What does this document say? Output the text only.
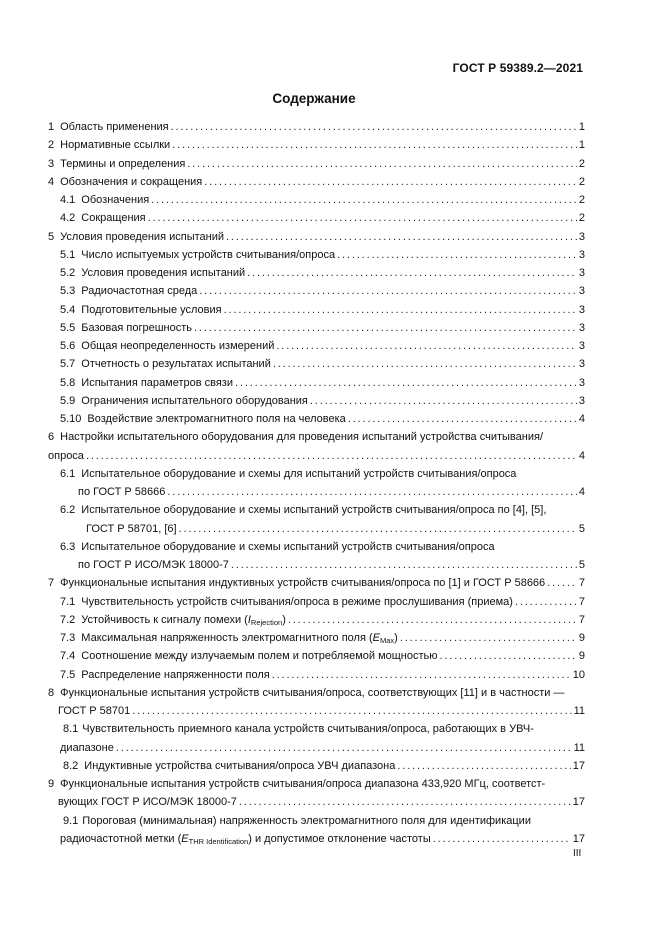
ГОСТ Р 59389.2—2021
Содержание
1 Область применения . . .	1
2 Нормативные ссылки . . .	1
3 Термины и определения . . .	2
4 Обозначения и сокращения . . .	2
4.1 Обозначения . . .	2
4.2 Сокращения . . .	2
5 Условия проведения испытаний . . .	3
5.1 Число испытуемых устройств считывания/опроса . . .	3
5.2 Условия проведения испытаний . . .	3
5.3 Радиочастотная среда . . .	3
5.4 Подготовительные условия . . .	3
5.5 Базовая погрешность . . .	3
5.6 Общая неопределенность измерений . . .	3
5.7 Отчетность о результатах испытаний . . .	3
5.8 Испытания параметров связи . . .	3
5.9 Ограничения испытательного оборудования . . .	3
5.10 Воздействие электромагнитного поля на человека . . .	4
6 Настройки испытательного оборудования для проведения испытаний устройства считывания/
опроса . . .	4
6.1 Испытательное оборудование и схемы для испытаний устройств считывания/опроса
по ГОСТ Р 58666 . . .	4
6.2 Испытательное оборудование и схемы испытаний устройств считывания/опроса по [4], [5],
ГОСТ Р 58701, [6] . . .	5
6.3 Испытательное оборудование и схемы испытаний устройств считывания/опроса
по ГОСТ Р ИСО/МЭК 18000-7 . . .	5
7 Функциональные испытания индуктивных устройств считывания/опроса по [1] и ГОСТ Р 58666 . . .	7
7.1 Чувствительность устройств считывания/опроса в режиме прослушивания (приема) . . .	7
7.2 Устойчивость к сигналу помехи $(I_{Rejection})$ . . .	7
7.3 Максимальная напряженность электромагнитного поля $(E_{Max})$ . . .	9
7.4 Соотношение между излучаемым полем и потребляемой мощностью . . .	9
7.5 Распределение напряженности поля . . .	10
8 Функциональные испытания устройств считывания/опроса, соответствующих [11] и в частности —
ГОСТ Р 58701 . . .	11
8.1 Чувствительность приемного канала устройств считывания/опроса, работающих в УВЧ-
диапазоне . . .	11
8.2 Индуктивные устройства считывания/опроса УВЧ диапазона . . .	17
9 Функциональные испытания устройств считывания/опроса диапазона 433,920 МГц, соответст-
вующих ГОСТ Р ИСО/МЭК 18000-7 . . .	17
9.1 Пороговая (минимальная) напряженность электромагнитного поля для идентификации
радиочастотной метки $(E_{THR Identification})$ и допустимое отклонение частоты . . .	17
III
